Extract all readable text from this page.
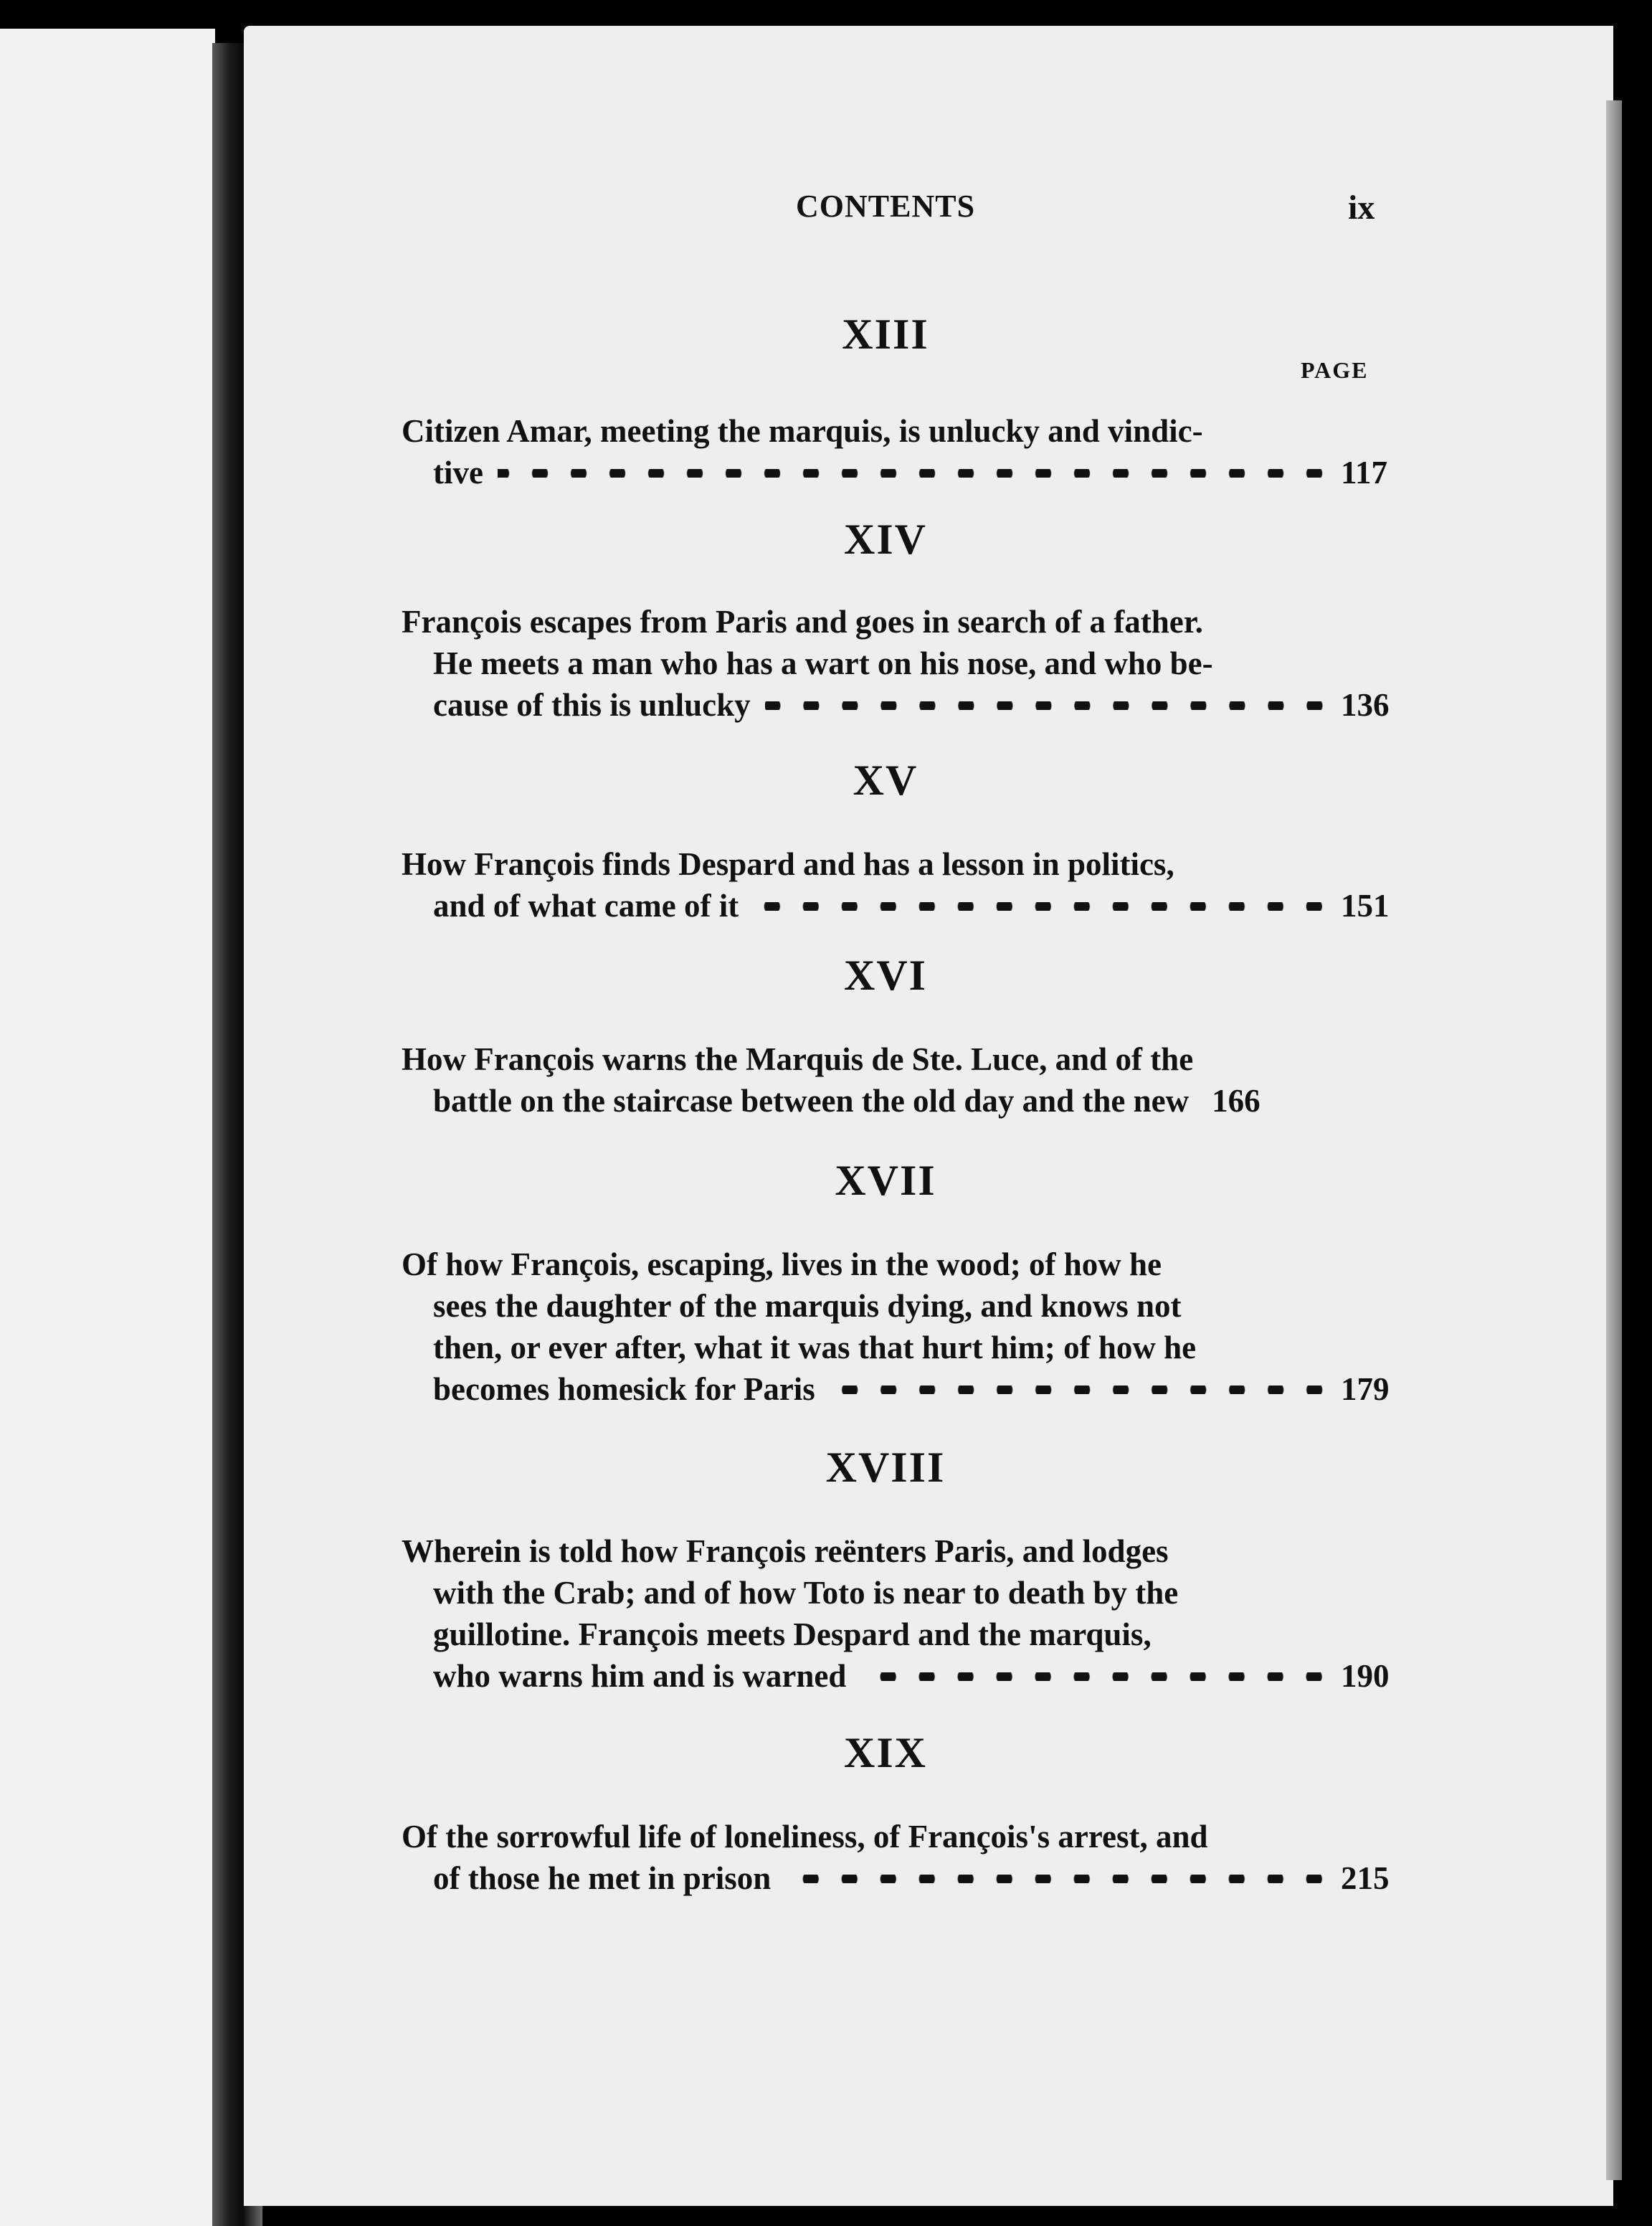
CONTENTS	ix
PAGE
XIII
Citizen Amar, meeting the marquis, is unlucky and vindic-
tive	117
XIV
François escapes from Paris and goes in search of a father.
He meets a man who has a wart on his nose, and who be-
cause of this is unlucky	136
XV
How François finds Despard and has a lesson in politics,
and of what came of it	151
XVI
How François warns the Marquis de Ste. Luce, and of the
battle on the staircase between the old day and the new 166
XVII
Of how François, escaping, lives in the wood; of how he
sees the daughter of the marquis dying, and knows not
then, or ever after, what it was that hurt him; of how he
becomes homesick for Paris	179
XVIII
Wherein is told how François reënters Paris, and lodges
with the Crab; and of how Toto is near to death by the
guillotine. François meets Despard and the marquis,
who warns him and is warned	190
XIX
Of the sorrowful life of loneliness, of François's arrest, and
of those he met in prison	215
